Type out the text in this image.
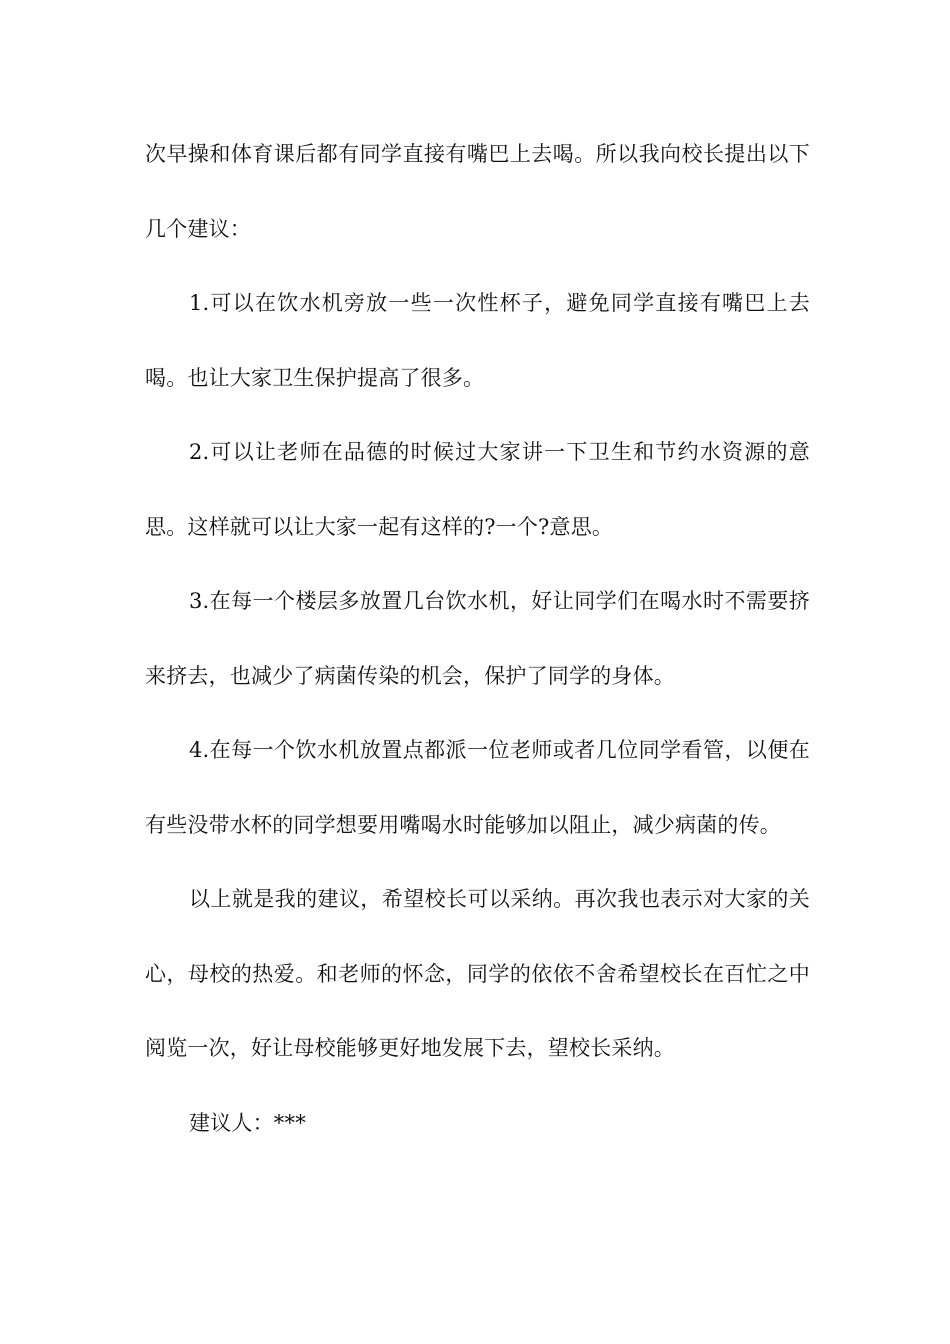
次早操和体育课后都有同学直接有嘴巴上去喝。所以我向校长提出以下几个建议：

1.可以在饮水机旁放一些一次性杯子，避免同学直接有嘴巴上去喝。也让大家卫生保护提高了很多。

2.可以让老师在品德的时候过大家讲一下卫生和节约水资源的意思。这样就可以让大家一起有这样的?一个?意思。

3.在每一个楼层多放置几台饮水机，好让同学们在喝水时不需要挤来挤去，也减少了病菌传染的机会，保护了同学的身体。

4.在每一个饮水机放置点都派一位老师或者几位同学看管，以便在有些没带水杯的同学想要用嘴喝水时能够加以阻止，减少病菌的传。

以上就是我的建议，希望校长可以采纳。再次我也表示对大家的关心，母校的热爱。和老师的怀念，同学的依依不舍希望校长在百忙之中阅览一次，好让母校能够更好地发展下去，望校长采纳。

建议人：***
